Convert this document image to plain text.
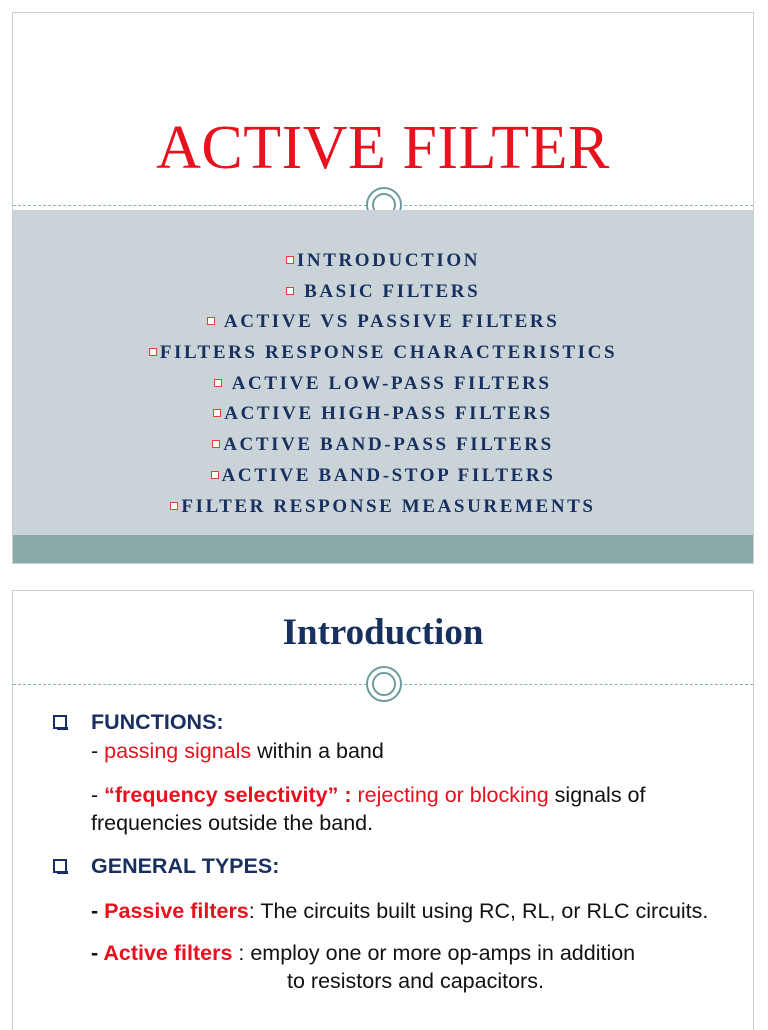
ACTIVE FILTER
INTRODUCTION
BASIC FILTERS
ACTIVE VS PASSIVE FILTERS
FILTERS RESPONSE CHARACTERISTICS
ACTIVE LOW-PASS FILTERS
ACTIVE HIGH-PASS FILTERS
ACTIVE BAND-PASS FILTERS
ACTIVE BAND-STOP FILTERS
FILTER RESPONSE MEASUREMENTS
Introduction

FUNCTIONS:

- passing signals within a band

- “frequency selectivity” : rejecting or blocking signals of frequencies outside the band.

GENERAL TYPES:

- Passive filters: The circuits built using RC, RL, or RLC circuits.

- Active filters : employ one or more op-amps in addition
to resistors and capacitors.
